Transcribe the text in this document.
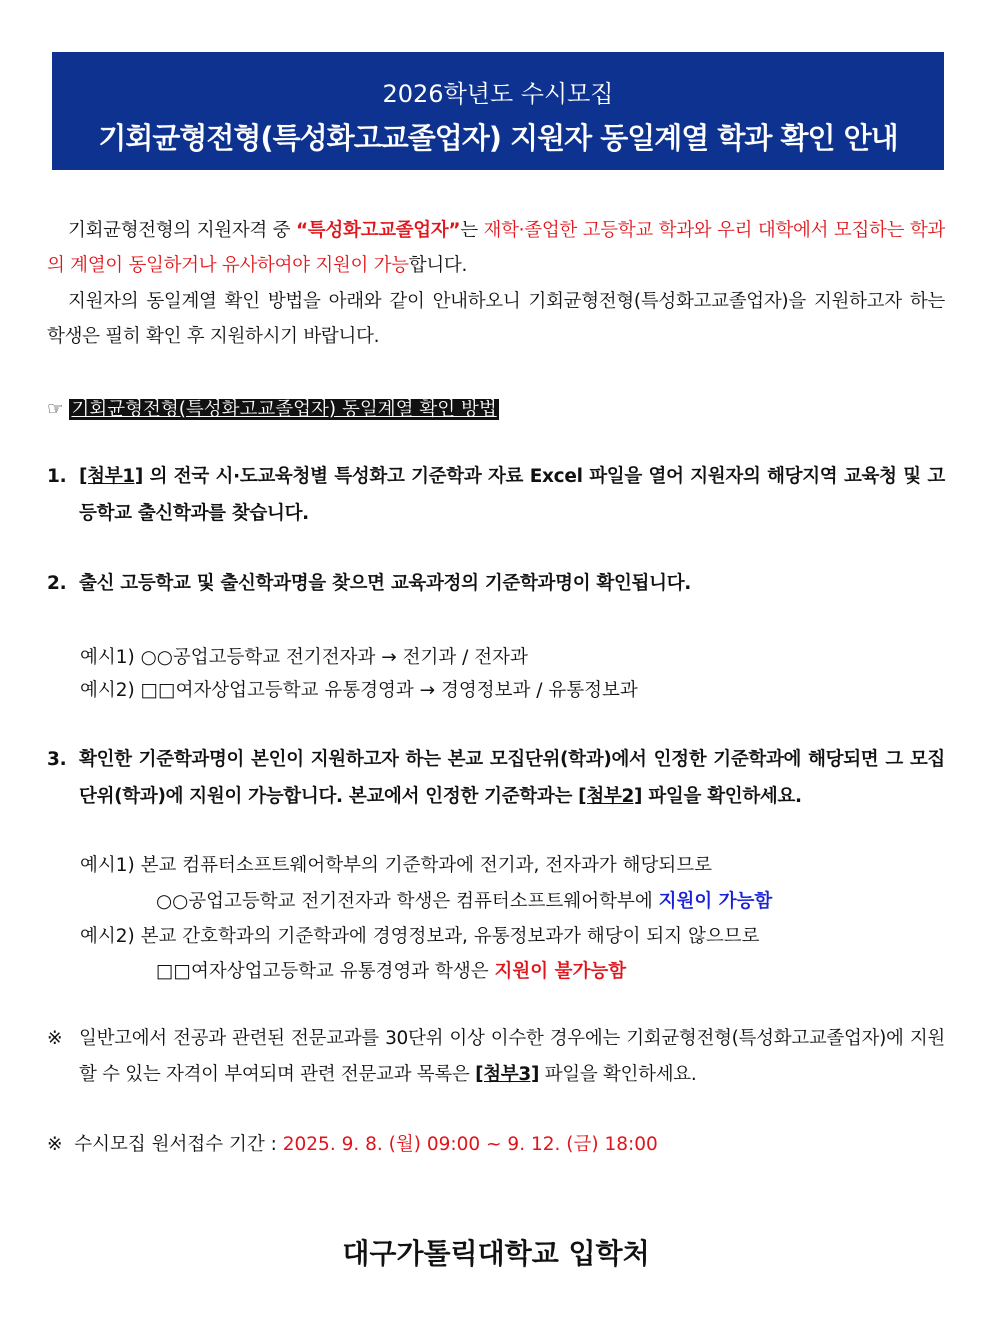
2026학년도 수시모집
기회균형전형(특성화고교졸업자) 지원자 동일계열 학과 확인 안내
기회균형전형의 지원자격 중 “특성화고교졸업자”는 재학·졸업한 고등학교 학과와 우리 대학에서 모집하는 학과의 계열이 동일하거나 유사하여야 지원이 가능합니다.
지원자의 동일계열 확인 방법을 아래와 같이 안내하오니 기회균형전형(특성화고교졸업자)을 지원하고자 하는 학생은 필히 확인 후 지원하시기 바랍니다.
☞ 기회균형전형(특성화고교졸업자) 동일계열 확인 방법
1. [첨부1] 의 전국 시·도교육청별 특성화고 기준학과 자료 Excel 파일을 열어 지원자의 해당지역 교육청 및 고등학교 출신학과를 찾습니다.
2. 출신 고등학교 및 출신학과명을 찾으면 교육과정의 기준학과명이 확인됩니다.
예시1) ○○공업고등학교 전기전자과 → 전기과 / 전자과
예시2) □□여자상업고등학교 유통경영과 → 경영정보과 / 유통정보과
3. 확인한 기준학과명이 본인이 지원하고자 하는 본교 모집단위(학과)에서 인정한 기준학과에 해당되면 그 모집단위(학과)에 지원이 가능합니다. 본교에서 인정한 기준학과는 [첨부2] 파일을 확인하세요.
예시1) 본교 컴퓨터소프트웨어학부의 기준학과에 전기과, 전자과가 해당되므로
○○공업고등학교 전기전자과 학생은 컴퓨터소프트웨어학부에 지원이 가능함
예시2) 본교 간호학과의 기준학과에 경영정보과, 유통정보과가 해당이 되지 않으므로
□□여자상업고등학교 유통경영과 학생은 지원이 불가능함
※ 일반고에서 전공과 관련된 전문교과를 30단위 이상 이수한 경우에는 기회균형전형(특성화고교졸업자)에 지원할 수 있는 자격이 부여되며 관련 전문교과 목록은 [첨부3] 파일을 확인하세요.
※ 수시모집 원서접수 기간 : 2025. 9. 8. (월) 09:00 ~ 9. 12. (금) 18:00
대구가톨릭대학교 입학처
